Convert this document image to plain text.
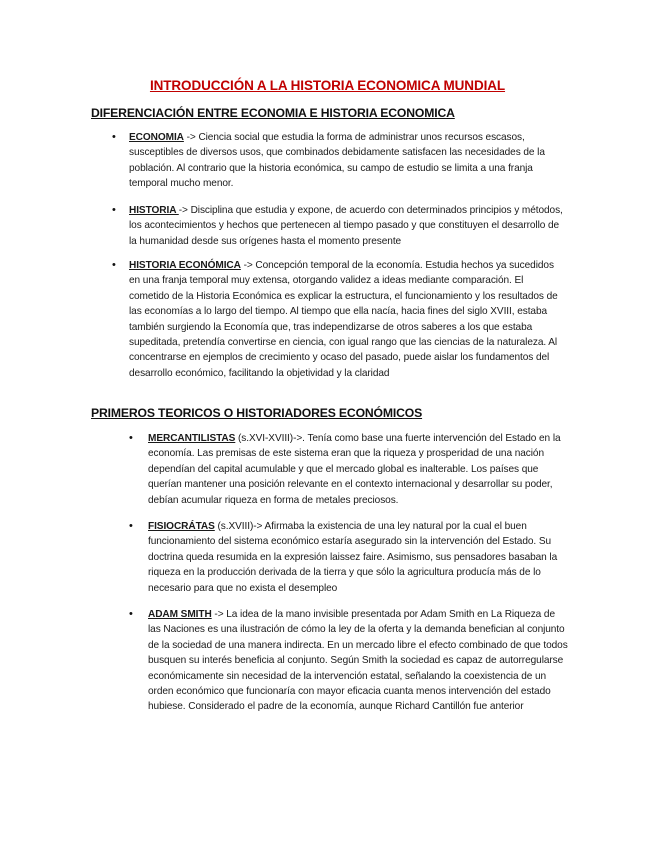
INTRODUCCIÓN A LA HISTORIA ECONOMICA MUNDIAL
DIFERENCIACIÓN ENTRE ECONOMIA E HISTORIA ECONOMICA
• ECONOMIA -> Ciencia social que estudia la forma de administrar unos recursos escasos, susceptibles de diversos usos, que combinados debidamente satisfacen las necesidades de la población. Al contrario que la historia económica, su campo de estudio se limita a una franja temporal mucho menor.

• HISTORIA -> Disciplina que estudia y expone, de acuerdo con determinados principios y métodos, los acontecimientos y hechos que pertenecen al tiempo pasado y que constituyen el desarrollo de la humanidad desde sus orígenes hasta el momento presente

• HISTORIA ECONÓMICA -> Concepción temporal de la economía. Estudia hechos ya sucedidos en una franja temporal muy extensa, otorgando validez a ideas mediante comparación. El cometido de la Historia Económica es explicar la estructura, el funcionamiento y los resultados de las economías a lo largo del tiempo. Al tiempo que ella nacía, hacia fines del siglo XVIII, estaba también surgiendo la Economía que, tras independizarse de otros saberes a los que estaba supeditada, pretendía convertirse en ciencia, con igual rango que las ciencias de la naturaleza. Al concentrarse en ejemplos de crecimiento y ocaso del pasado, puede aislar los fundamentos del desarrollo económico, facilitando la objetividad y la claridad

PRIMEROS TEORICOS O HISTORIADORES ECONÓMICOS
• MERCANTILISTAS (s.XVI-XVIII)->. Tenía como base una fuerte intervención del Estado en la economía. Las premisas de este sistema eran que la riqueza y prosperidad de una nación dependían del capital acumulable y que el mercado global es inalterable. Los países que querían mantener una posición relevante en el contexto internacional y desarrollar su poder, debían acumular riqueza en forma de metales preciosos.

• FISIOCRÁTAS (s.XVIII)-> Afirmaba la existencia de una ley natural por la cual el buen funcionamiento del sistema económico estaría asegurado sin la intervención del Estado. Su doctrina queda resumida en la expresión laissez faire. Asimismo, sus pensadores basaban la riqueza en la producción derivada de la tierra y que sólo la agricultura producía más de lo necesario para que no exista el desempleo

• ADAM SMITH -> La idea de la mano invisible presentada por Adam Smith en La Riqueza de las Naciones es una ilustración de cómo la ley de la oferta y la demanda benefician al conjunto de la sociedad de una manera indirecta. En un mercado libre el efecto combinado de que todos busquen su interés beneficia al conjunto. Según Smith la sociedad es capaz de autorregularse económicamente sin necesidad de la intervención estatal, señalando la coexistencia de un orden económico que funcionaría con mayor eficacia cuanta menos intervención del estado hubiese. Considerado el padre de la economía, aunque Richard Cantillón fue anterior
